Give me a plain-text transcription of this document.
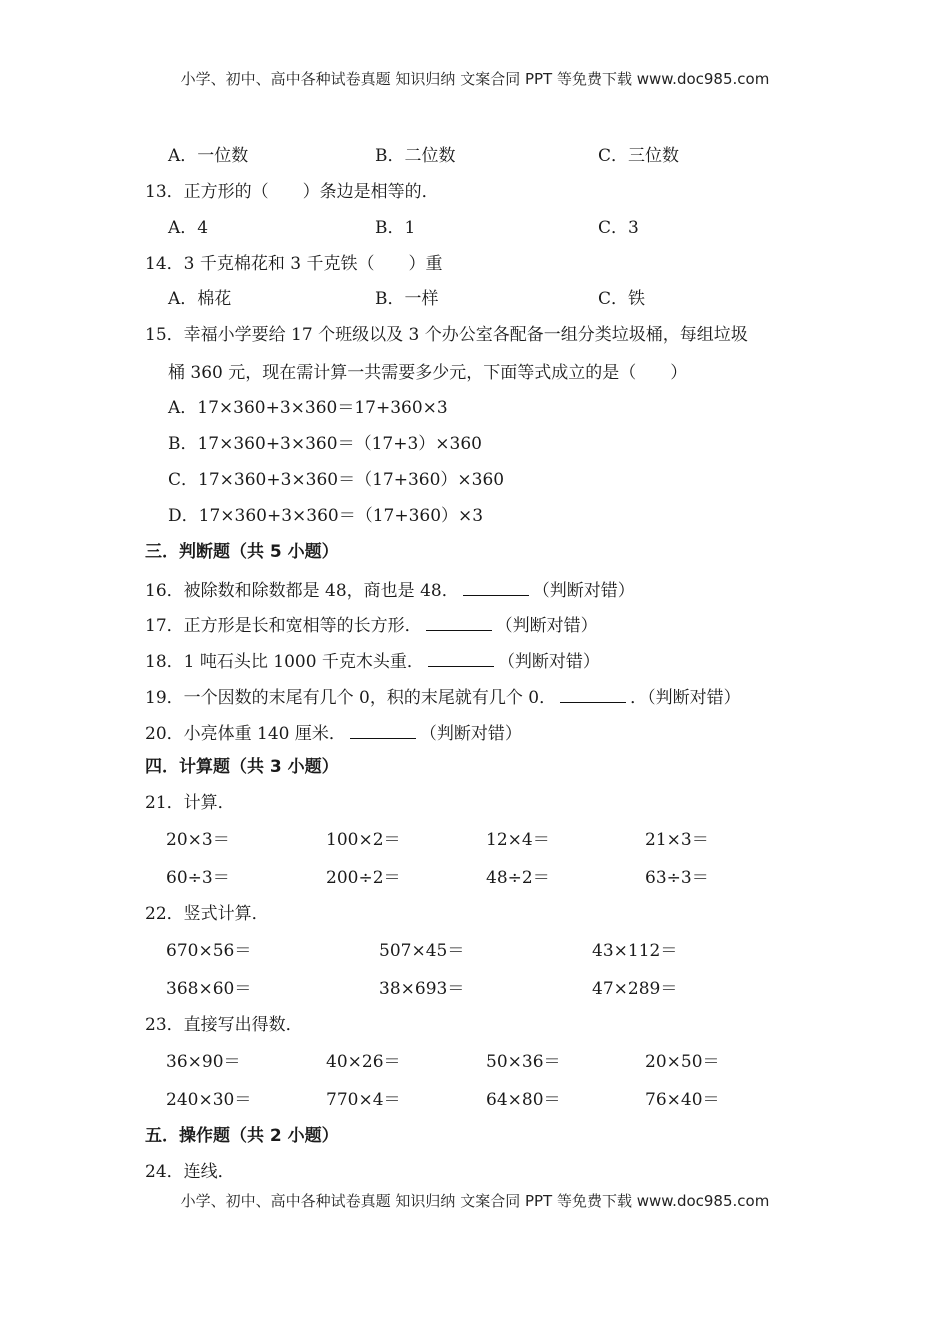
小学、初中、高中各种试卷真题 知识归纳 文案合同 PPT 等免费下载 www.doc985.com
A．一位数	B．二位数	C．三位数
13．正方形的（　　）条边是相等的．
A．4	B．1	C．3
14．3 千克棉花和 3 千克铁（　　）重
A．棉花	B．一样	C．铁
15．幸福小学要给 17 个班级以及 3 个办公室各配备一组分类垃圾桶，每组垃圾
桶 360 元，现在需计算一共需要多少元，下面等式成立的是（　　）
A．17×360+3×360＝17+360×3
B．17×360+3×360＝（17+3）×360
C．17×360+3×360＝（17+360）×360
D．17×360+3×360＝（17+360）×3
三．判断题（共 5 小题）
16．被除数和除数都是 48，商也是 48．	（判断对错）
17．正方形是长和宽相等的长方形．	（判断对错）
18．1 吨石头比 1000 千克木头重．	（判断对错）
19．一个因数的末尾有几个 0，积的末尾就有几个 0．	．（判断对错）
20．小亮体重 140 厘米．	（判断对错）
四．计算题（共 3 小题）
21．计算．
20×3＝	100×2＝	12×4＝	21×3＝
60÷3＝	200÷2＝	48÷2＝	63÷3＝
22．竖式计算．
670×56＝	507×45＝	43×112＝
368×60＝	38×693＝	47×289＝
23．直接写出得数．
36×90＝	40×26＝	50×36＝	20×50＝
240×30＝	770×4＝	64×80＝	76×40＝
五．操作题（共 2 小题）
24．连线．
小学、初中、高中各种试卷真题 知识归纳 文案合同 PPT 等免费下载 www.doc985.com
